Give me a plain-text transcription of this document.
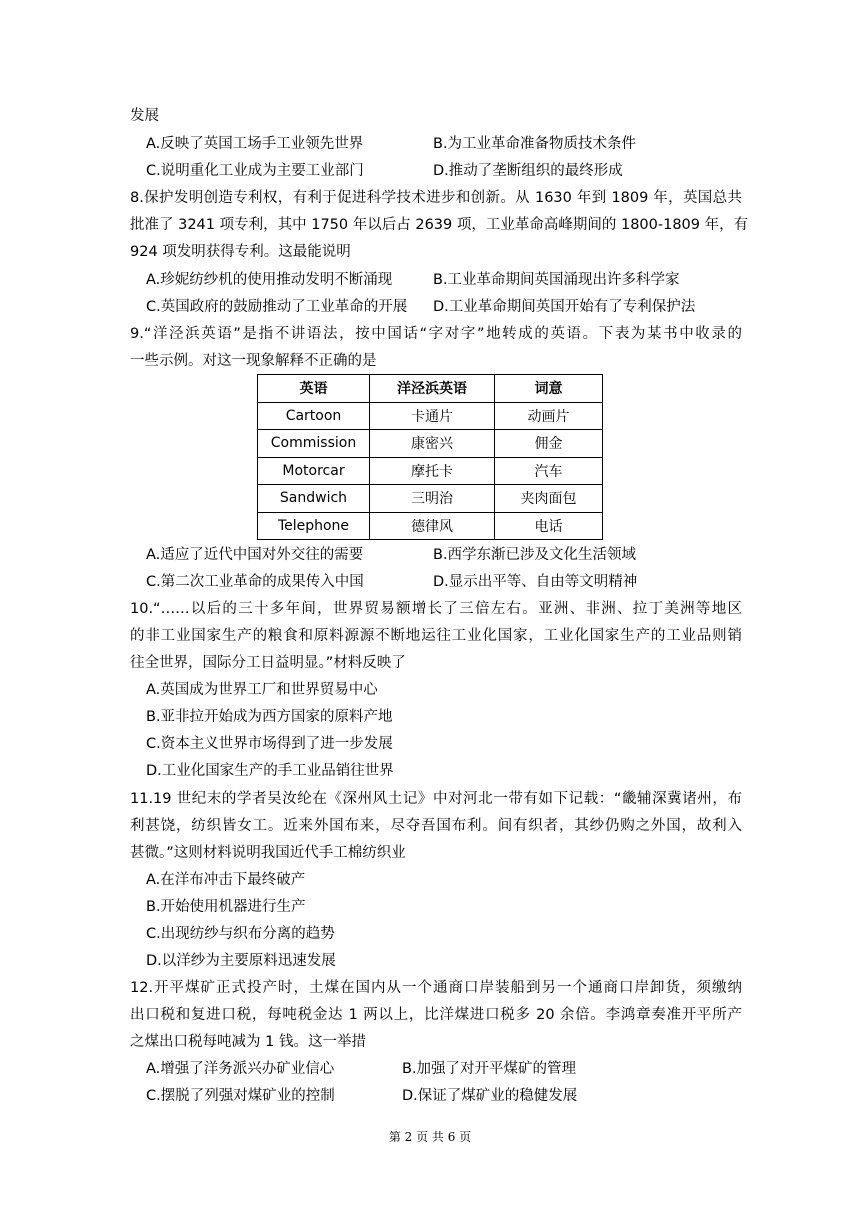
发展
A.反映了英国工场手工业领先世界	B.为工业革命准备物质技术条件
C.说明重化工业成为主要工业部门	D.推动了垄断组织的最终形成
8.保护发明创造专利权，有利于促进科学技术进步和创新。从 1630 年到 1809 年，英国总共
批准了 3241 项专利，其中 1750 年以后占 2639 项，工业革命高峰期间的 1800-1809 年，有
924 项发明获得专利。这最能说明
A.珍妮纺纱机的使用推动发明不断涌现	B.工业革命期间英国涌现出许多科学家
C.英国政府的鼓励推动了工业革命的开展 D.工业革命期间英国开始有了专利保护法
9.“洋泾浜英语”是指不讲语法，按中国话“字对字”地转成的英语。下表为某书中收录的
一些示例。对这一现象解释不正确的是
英语	洋泾浜英语	词意
Cartoon	卡通片	动画片
Commission	康密兴	佣金
Motorcar	摩托卡	汽车
Sandwich	三明治	夹肉面包
Telephone	德律风	电话
A.适应了近代中国对外交往的需要	B.西学东渐已涉及文化生活领域
C.第二次工业革命的成果传入中国	D.显示出平等、自由等文明精神
10.“……以后的三十多年间，世界贸易额增长了三倍左右。亚洲、非洲、拉丁美洲等地区
的非工业国家生产的粮食和原料源源不断地运往工业化国家，工业化国家生产的工业品则销
往全世界，国际分工日益明显。”材料反映了
A.英国成为世界工厂和世界贸易中心
B.亚非拉开始成为西方国家的原料产地
C.资本主义世界市场得到了进一步发展
D.工业化国家生产的手工业品销往世界
11.19 世纪末的学者吴汝纶在《深州风土记》中对河北一带有如下记载：“畿辅深冀诸州，布
利甚饶，纺织皆女工。近来外国布来，尽夺吾国布利。间有织者，其纱仍购之外国，故利入
甚微。”这则材料说明我国近代手工棉纺织业
A.在洋布冲击下最终破产
B.开始使用机器进行生产
C.出现纺纱与织布分离的趋势
D.以洋纱为主要原料迅速发展
12.开平煤矿正式投产时，土煤在国内从一个通商口岸装船到另一个通商口岸卸货，须缴纳
出口税和复进口税，每吨税金达 1 两以上，比洋煤进口税多 20 余倍。李鸿章奏准开平所产
之煤出口税每吨减为 1 钱。这一举措
A.增强了洋务派兴办矿业信心	B.加强了对开平煤矿的管理
C.摆脱了列强对煤矿业的控制	D.保证了煤矿业的稳健发展
第 2 页 共 6 页
